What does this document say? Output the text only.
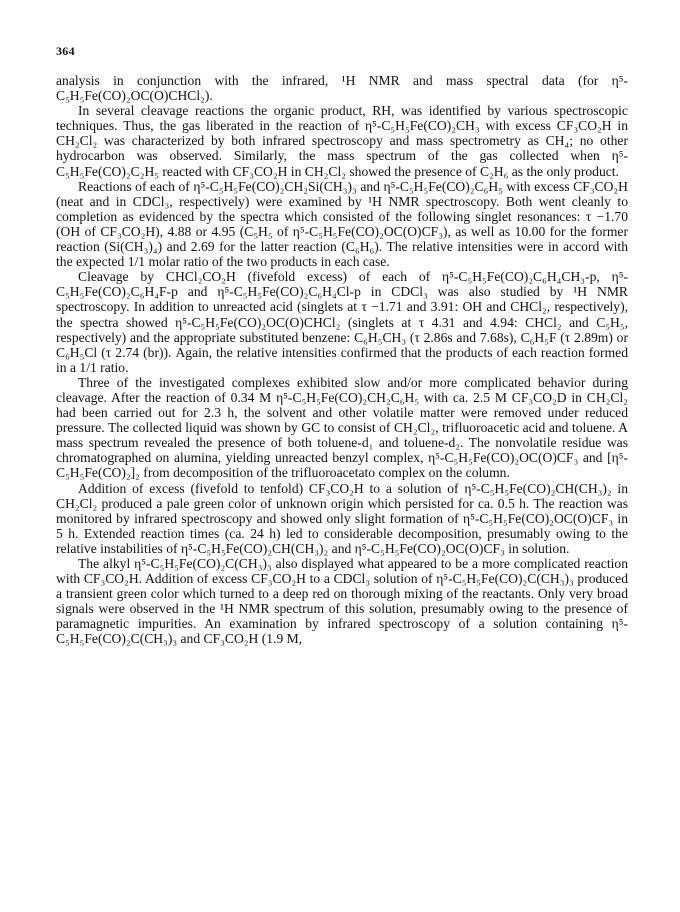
364

analysis in conjunction with the infrared, ¹H NMR and mass spectral data (for η⁵-C₅H₅Fe(CO)₂OC(O)CHCl₂).

In several cleavage reactions the organic product, RH, was identified by various spectroscopic techniques. Thus, the gas liberated in the reaction of η⁵-C₅H₅Fe(CO)₂CH₃ with excess CF₃CO₂H in CH₂Cl₂ was characterized by both infrared spectroscopy and mass spectrometry as CH₄; no other hydrocarbon was observed. Similarly, the mass spectrum of the gas collected when η⁵-C₅H₅Fe(CO)₂C₂H₅ reacted with CF₃CO₂H in CH₂Cl₂ showed the presence of C₂H₆ as the only product.

Reactions of each of η⁵-C₅H₅Fe(CO)₂CH₂Si(CH₃)₃ and η⁵-C₅H₅Fe(CO)₂C₆H₅ with excess CF₃CO₂H (neat and in CDCl₃, respectively) were examined by ¹H NMR spectroscopy. Both went cleanly to completion as evidenced by the spectra which consisted of the following singlet resonances: τ −1.70 (OH of CF₃CO₂H), 4.88 or 4.95 (C₅H₅ of η⁵-C₅H₅Fe(CO)₂OC(O)CF₃), as well as 10.00 for the former reaction (Si(CH₃)₄) and 2.69 for the latter reaction (C₆H₆). The relative intensities were in accord with the expected 1/1 molar ratio of the two products in each case.

Cleavage by CHCl₂CO₂H (fivefold excess) of each of η⁵-C₅H₅Fe(CO)₂C₆H₄CH₃-p, η⁵-C₅H₅Fe(CO)₂C₆H₄F-p and η⁵-C₅H₅Fe(CO)₂C₆H₄Cl-p in CDCl₃ was also studied by ¹H NMR spectroscopy. In addition to unreacted acid (singlets at τ −1.71 and 3.91: OH and CHCl₂, respectively), the spectra showed η⁵-C₅H₅Fe(CO)₂OC(O)CHCl₂ (singlets at τ 4.31 and 4.94: CHCl₂ and C₅H₅, respectively) and the appropriate substituted benzene: C₆H₅CH₃ (τ 2.86s and 7.68s), C₆H₅F (τ 2.89m) or C₆H₅Cl (τ 2.74 (br)). Again, the relative intensities confirmed that the products of each reaction formed in a 1/1 ratio.

Three of the investigated complexes exhibited slow and/or more complicated behavior during cleavage. After the reaction of 0.34 M η⁵-C₅H₅Fe(CO)₂CH₂C₆H₅ with ca. 2.5 M CF₃CO₂D in CH₂Cl₂ had been carried out for 2.3 h, the solvent and other volatile matter were removed under reduced pressure. The collected liquid was shown by GC to consist of CH₂Cl₂, trifluoroacetic acid and toluene. A mass spectrum revealed the presence of both toluene-d₁ and toluene-d₂. The nonvolatile residue was chromatographed on alumina, yielding unreacted benzyl complex, η⁵-C₅H₅Fe(CO)₂OC(O)CF₃ and [η⁵-C₅H₅Fe(CO)₂]₂ from decomposition of the trifluoroacetato complex on the column.

Addition of excess (fivefold to tenfold) CF₃CO₂H to a solution of η⁵-C₅H₅Fe(CO)₂CH(CH₃)₂ in CH₂Cl₂ produced a pale green color of unknown origin which persisted for ca. 0.5 h. The reaction was monitored by infrared spectroscopy and showed only slight formation of η⁵-C₅H₅Fe(CO)₂OC(O)CF₃ in 5 h. Extended reaction times (ca. 24 h) led to considerable decomposition, presumably owing to the relative instabilities of η⁵-C₅H₅Fe(CO)₂CH(CH₃)₂ and η⁵-C₅H₅Fe(CO)₂OC(O)CF₃ in solution.

The alkyl η⁵-C₅H₅Fe(CO)₂C(CH₃)₃ also displayed what appeared to be a more complicated reaction with CF₃CO₂H. Addition of excess CF₃CO₂H to a CDCl₃ solution of η⁵-C₅H₅Fe(CO)₂C(CH₃)₃ produced a transient green color which turned to a deep red on thorough mixing of the reactants. Only very broad signals were observed in the ¹H NMR spectrum of this solution, presumably owing to the presence of paramagnetic impurities. An examination by infrared spectroscopy of a solution containing η⁵-C₅H₅Fe(CO)₂C(CH₃)₃ and CF₃CO₂H (1.9 M,
